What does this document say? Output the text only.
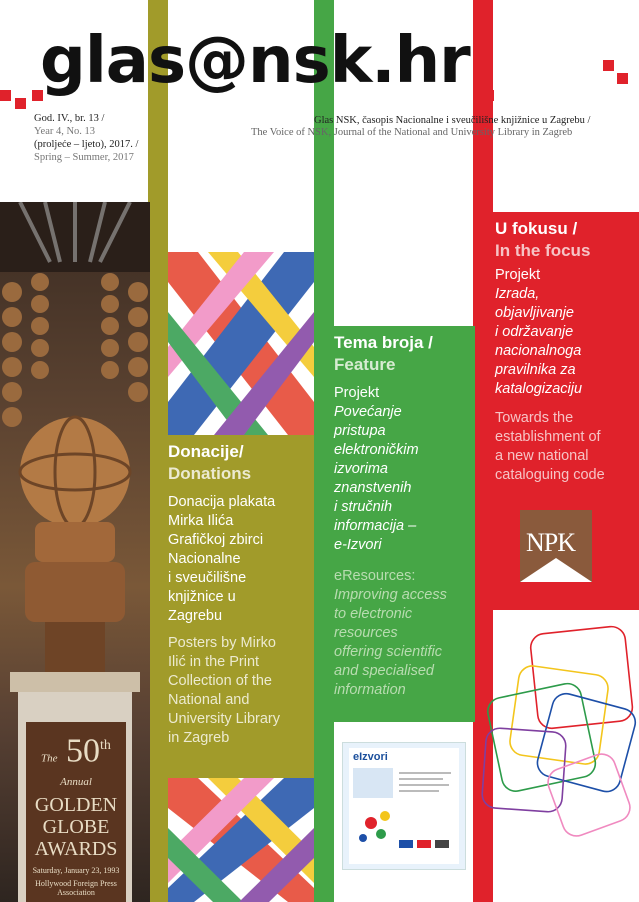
glas@nsk.hr
Glas NSK, časopis Nacionalne i sveučilišne knjižnice u Zagrebu /
The Voice of NSK, Journal of the National and University Library in Zagreb
God. IV., br. 13 /
Year 4, No. 13
(proljeće – ljeto), 2017. /
Spring – Summer, 2017
The 50th
Annual
GOLDEN
GLOBE
AWARDS
Saturday, January 23, 1993
Hollywood Foreign Press
Association
Donacije/
Donations
Donacija plakata
Mirka Ilića
Grafičkoj zbirci
Nacionalne
i sveučilišne
knjižnice u
Zagrebu
Posters by Mirko
Ilić in the Print
Collection of the
National and
University Library
in Zagreb
Tema broja /
Feature
Projekt
Povećanje
pristupa
elektroničkim
izvorima
znanstvenih
i stručnih
informacija –
e-Izvori
eResources:
Improving access
to electronic
resources
offering scientific
and specialised
information
U fokusu /
In the focus
Projekt
Izrada,
objavljivanje
i održavanje
nacionalnoga
pravilnika za
katalogizaciju
Towards the
establishment of
a new national
cataloguing code
NPK
eIzvori
